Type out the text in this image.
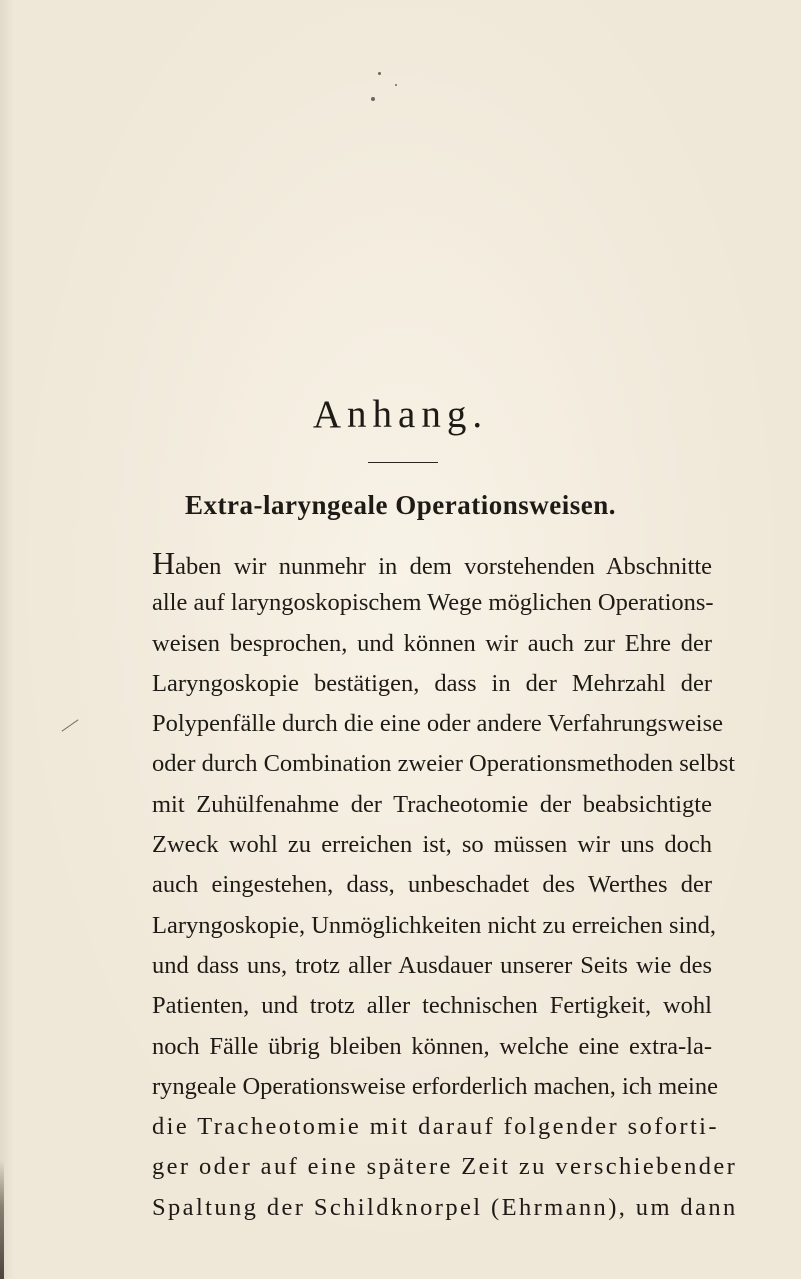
Anhang.
Extra-laryngeale Operationsweisen.
Haben wir nunmehr in dem vorstehenden Abschnitte
alle auf laryngoskopischem Wege möglichen Operations-
weisen besprochen, und können wir auch zur Ehre der
Laryngoskopie bestätigen, dass in der Mehrzahl der
Polypenfälle durch die eine oder andere Verfahrungsweise
oder durch Combination zweier Operationsmethoden selbst
mit Zuhülfenahme der Tracheotomie der beabsichtigte
Zweck wohl zu erreichen ist, so müssen wir uns doch
auch eingestehen, dass, unbeschadet des Werthes der
Laryngoskopie, Unmöglichkeiten nicht zu erreichen sind,
und dass uns, trotz aller Ausdauer unserer Seits wie des
Patienten, und trotz aller technischen Fertigkeit, wohl
noch Fälle übrig bleiben können, welche eine extra-la-
ryngeale Operationsweise erforderlich machen, ich meine
die Tracheotomie mit darauf folgender soforti-
ger oder auf eine spätere Zeit zu verschiebender
Spaltung der Schildknorpel (Ehrmann), um dann
